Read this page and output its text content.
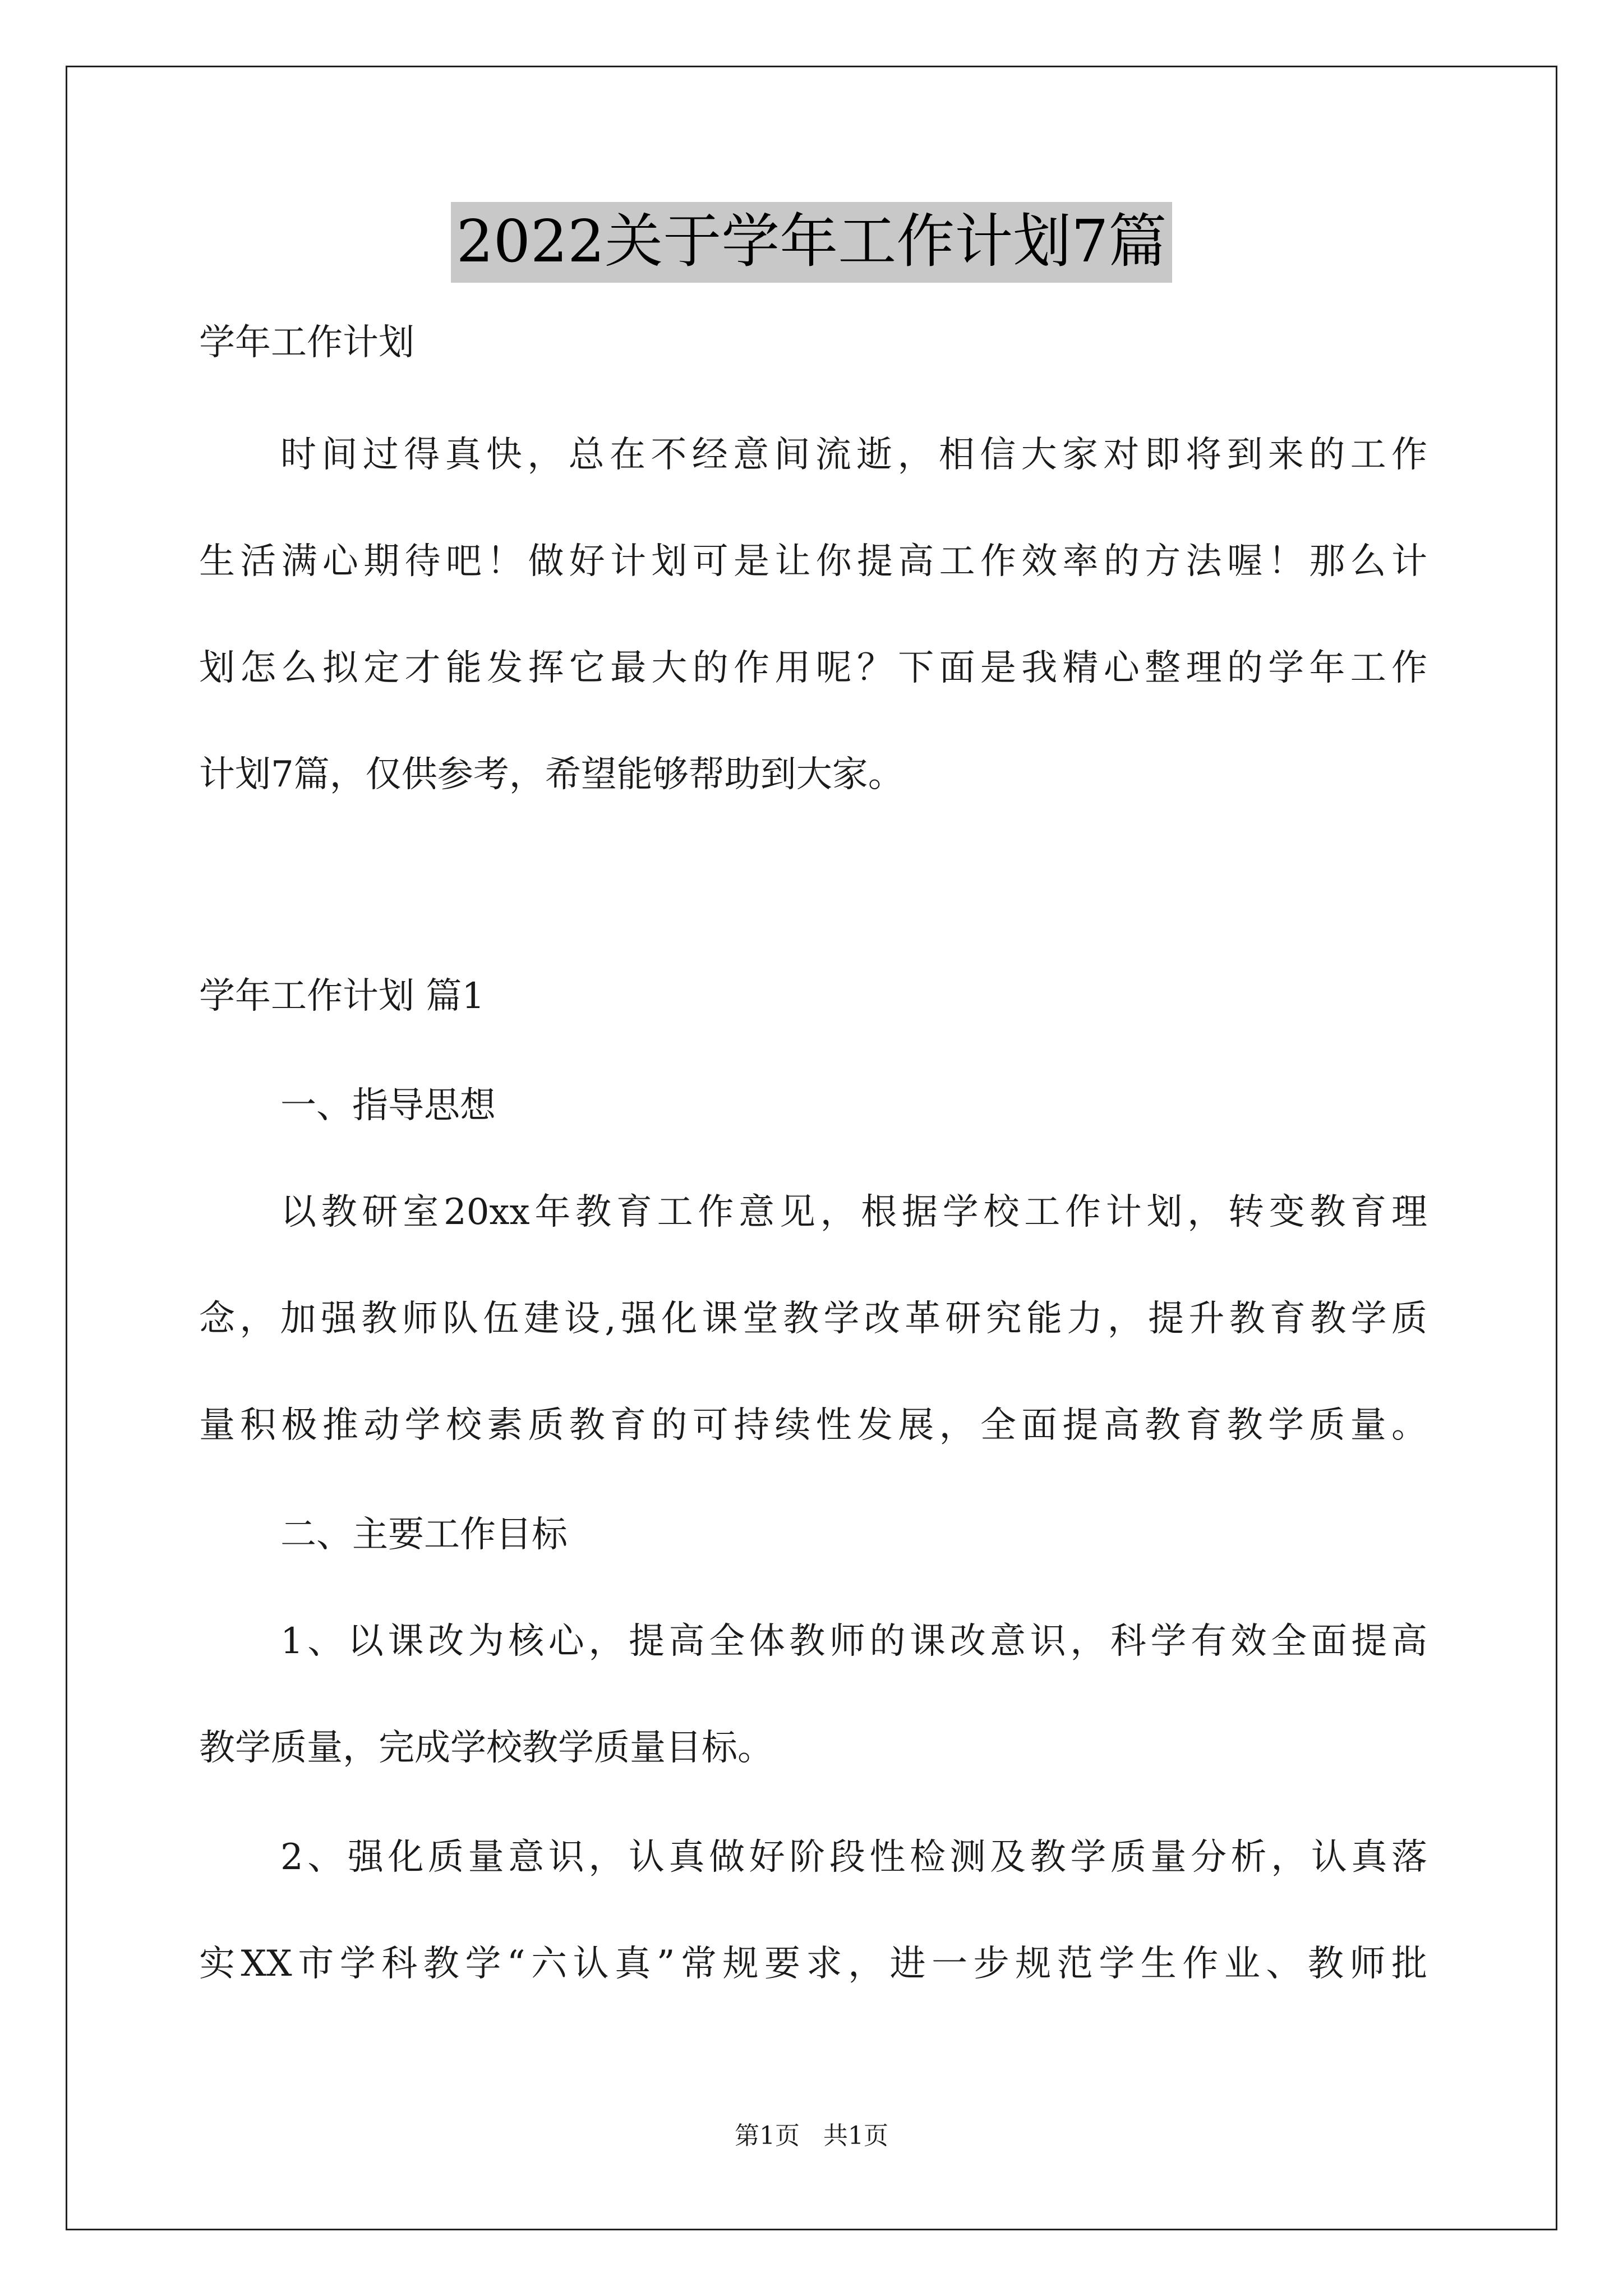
2022关于学年工作计划7篇
学年工作计划
时间过得真快，总在不经意间流逝，相信大家对即将到来的工作
生活满心期待吧！做好计划可是让你提高工作效率的方法喔！那么计
划怎么拟定才能发挥它最大的作用呢？下面是我精心整理的学年工作
计划7篇，仅供参考，希望能够帮助到大家。
学年工作计划 篇1
一、指导思想
以教研室20xx年教育工作意见，根据学校工作计划，转变教育理
念，加强教师队伍建设,强化课堂教学改革研究能力，提升教育教学质
量积极推动学校素质教育的可持续性发展，全面提高教育教学质量。
二、主要工作目标
1、以课改为核心，提高全体教师的课改意识，科学有效全面提高
教学质量，完成学校教学质量目标。
2、强化质量意识，认真做好阶段性检测及教学质量分析，认真落
实XX市学科教学“六认真”常规要求，进一步规范学生作业、教师批
第1页   共1页
